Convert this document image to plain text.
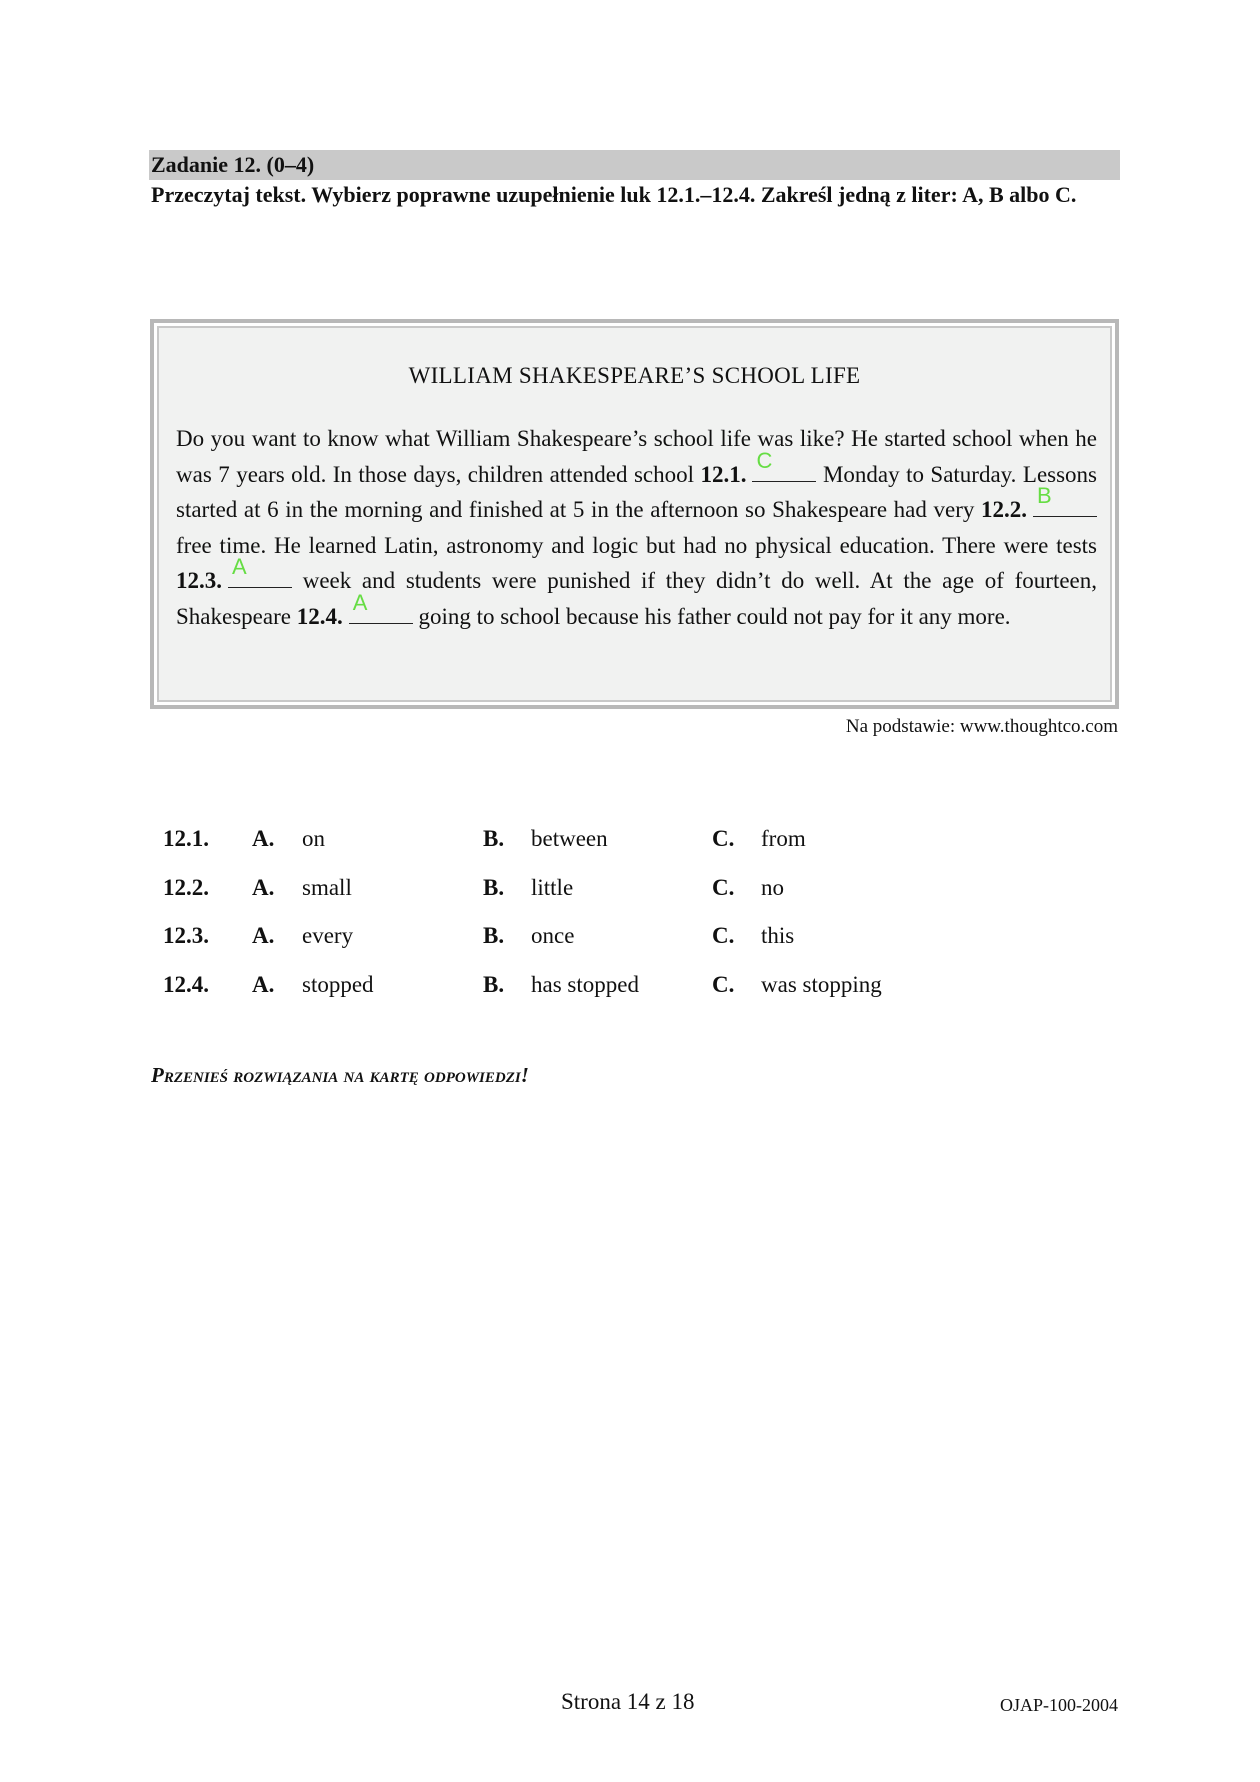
Zadanie 12. (0–4)
Przeczytaj tekst. Wybierz poprawne uzupełnienie luk 12.1.–12.4. Zakreśl jedną z liter: A, B albo C.
WILLIAM SHAKESPEARE’S SCHOOL LIFE
Do you want to know what William Shakespeare’s school life was like? He started school when he was 7 years old. In those days, children attended school 12.1.
C
Monday to Saturday. Lessons started at 6 in the morning and finished at 5 in the afternoon so Shakespeare had very 12.2.
B
free time. He learned Latin, astronomy and logic but had no physical education. There were tests 12.3.
A
week and students were punished if they didn’t do well. At the age of fourteen, Shakespeare 12.4.
A
going to school because his father could not pay for it any more.
Na podstawie: www.thoughtco.com
12.1. A. on	B. between	C. from
12.2. A. small	B. little	C. no
12.3. A. every	B. once	C. this
12.4. A. stopped	B. has stopped	C. was stopping
Przenieś rozwiązania na kartę odpowiedzi!
Strona 14 z 18	OJAP-100-2004
